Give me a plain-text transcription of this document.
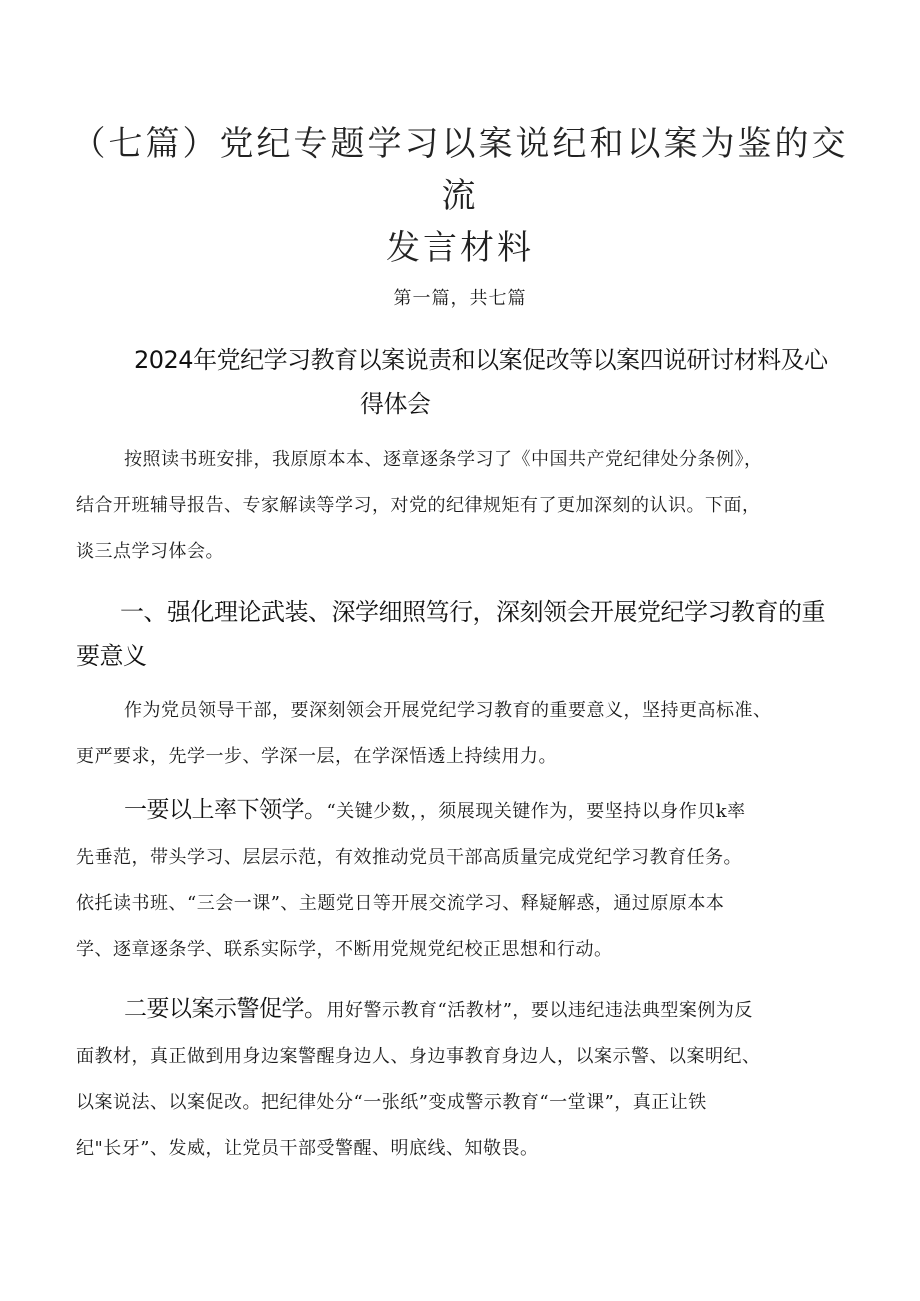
（七篇）党纪专题学习以案说纪和以案为鉴的交流
发言材料
第一篇，共七篇
2024年党纪学习教育以案说责和以案促改等以案四说研讨材料及心
得体会
按照读书班安排，我原原本本、逐章逐条学习了《中国共产党纪律处分条例》，
结合开班辅导报告、专家解读等学习，对党的纪律规矩有了更加深刻的认识。下面，
谈三点学习体会。
一、强化理论武装、深学细照笃行，深刻领会开展党纪学习教育的重
要意义
作为党员领导干部，要深刻领会开展党纪学习教育的重要意义，坚持更高标准、
更严要求，先学一步、学深一层，在学深悟透上持续用力。
一要以上率下领学。“关键少数，，须展现关键作为，要坚持以身作贝k率
先垂范，带头学习、层层示范，有效推动党员干部高质量完成党纪学习教育任务。
依托读书班、“三会一课”、主题党日等开展交流学习、释疑解惑，通过原原本本
学、逐章逐条学、联系实际学，不断用党规党纪校正思想和行动。
二要以案示警促学。用好警示教育“活教材”，要以违纪违法典型案例为反
面教材，真正做到用身边案警醒身边人、身边事教育身边人，以案示警、以案明纪、
以案说法、以案促改。把纪律处分“一张纸”变成警示教育“一堂课”，真正让铁
纪"长牙”、发威，让党员干部受警醒、明底线、知敬畏。
